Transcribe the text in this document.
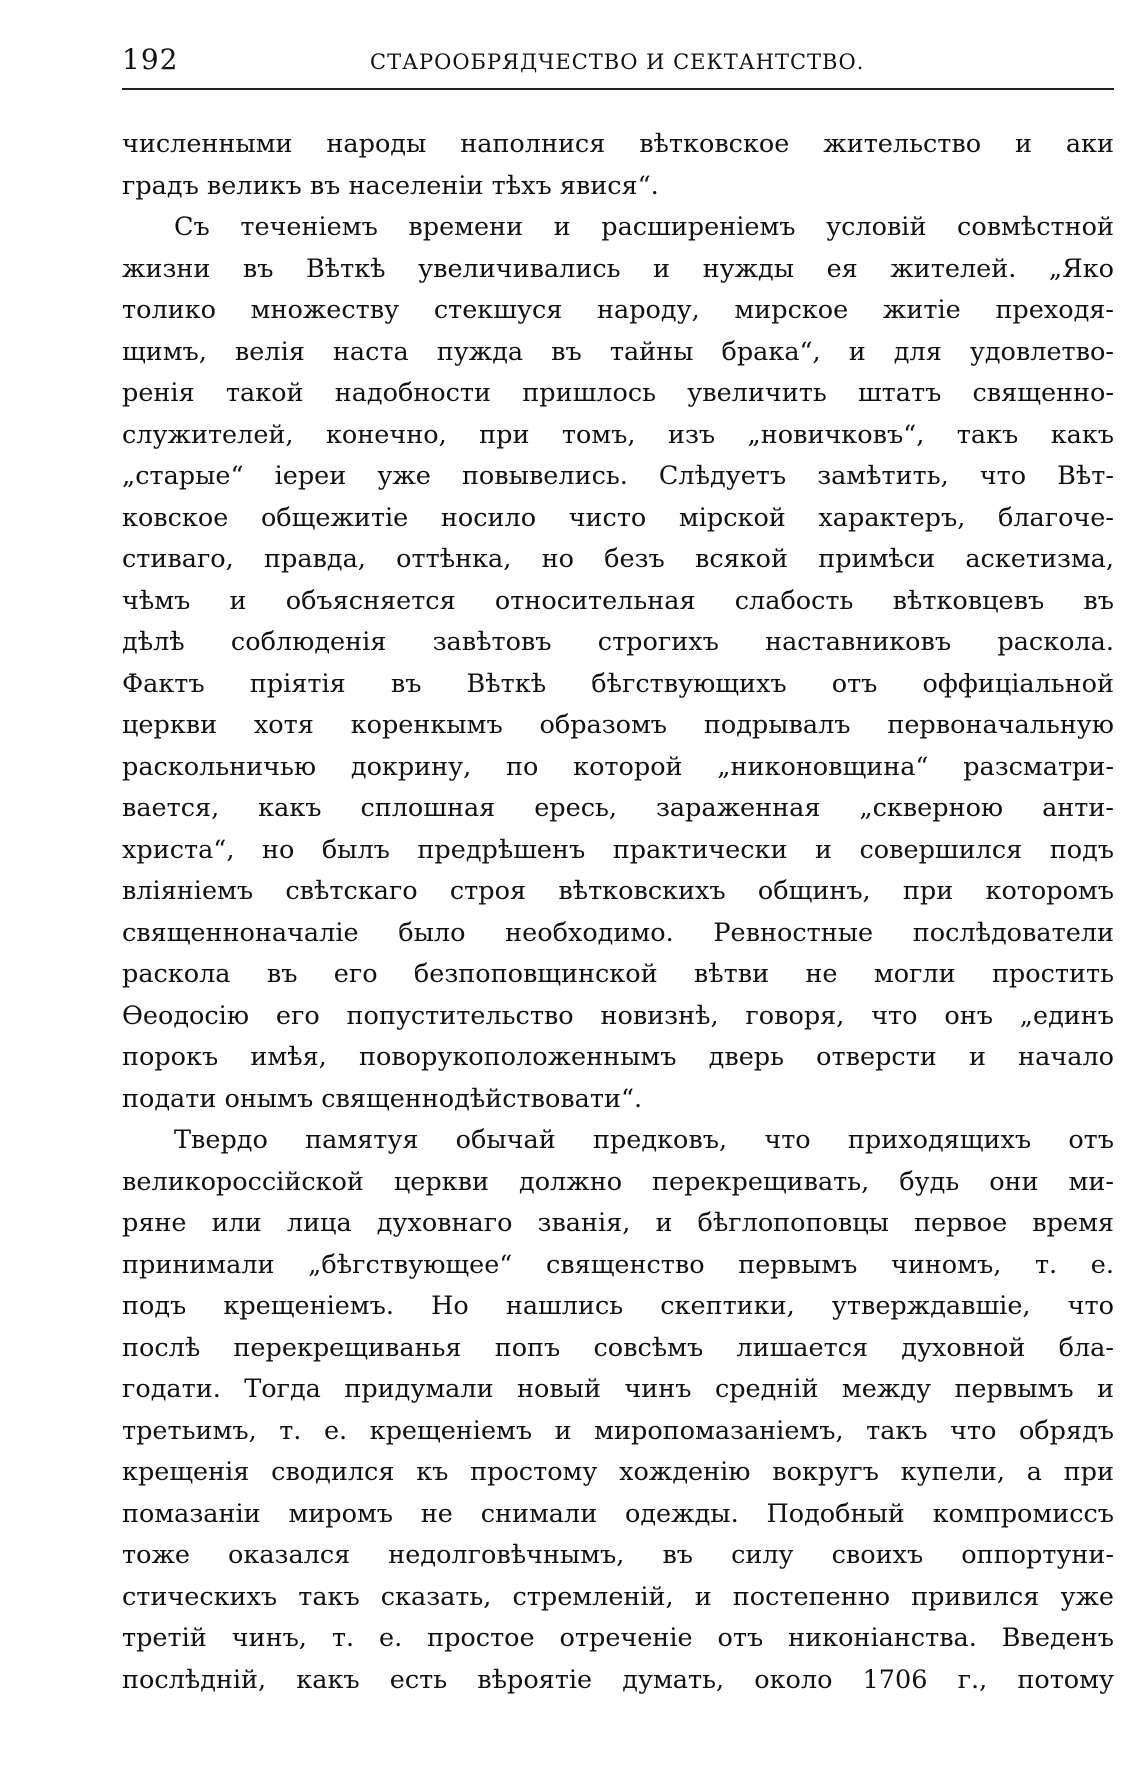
192	СТАРООБРЯДЧЕСТВО И СЕКТАНТСТВО.
численными народы наполнися вѣтковское жительство и аки
градъ великъ въ населеніи тѣхъ явися“.
Съ теченіемъ времени и расширеніемъ условій совмѣстной
жизни въ Вѣткѣ увеличивались и нужды ея жителей. „Яко
толико множеству стекшуся народу, мирское житіе преходя-
щимъ, велія наста пужда въ тайны брака“, и для удовлетво-
ренія такой надобности пришлось увеличить штатъ священно-
служителей, конечно, при томъ, изъ „новичковъ“, такъ какъ
„старые“ іереи уже повывелись. Слѣдуетъ замѣтить, что Вѣт-
ковское общежитіе носило чисто мірской характеръ, благоче-
стиваго, правда, оттѣнка, но безъ всякой примѣси аскетизма,
чѣмъ и объясняется относительная слабость вѣтковцевъ въ
дѣлѣ соблюденія завѣтовъ строгихъ наставниковъ раскола.
Фактъ пріятія въ Вѣткѣ бѣгствующихъ отъ оффиціальной
церкви хотя коренкымъ образомъ подрывалъ первоначальную
раскольничью докрину, по которой „никоновщина“ разсматри-
вается, какъ сплошная ересь, зараженная „скверною анти-
христа“, но былъ предрѣшенъ практически и совершился подъ
вліяніемъ свѣтскаго строя вѣтковскихъ общинъ, при которомъ
священноначаліе было необходимо. Ревностные послѣдователи
раскола въ его безпоповщинской вѣтви не могли простить
Ѳеодосію его попустительство новизнѣ, говоря, что онъ „единъ
порокъ имѣя, поворукоположеннымъ дверь отверсти и начало
подати онымъ священнодѣйствовати“.
Твердо памятуя обычай предковъ, что приходящихъ отъ
великороссійской церкви должно перекрещивать, будь они ми-
ряне или лица духовнаго званія, и бѣглопоповцы первое время
принимали „бѣгствующее“ священство первымъ чиномъ, т. е.
подъ крещеніемъ. Но нашлись скептики, утверждавшіе, что
послѣ перекрещиванья попъ совсѣмъ лишается духовной бла-
годати. Тогда придумали новый чинъ средній между первымъ и
третьимъ, т. е. крещеніемъ и миропомазаніемъ, такъ что обрядъ
крещенія сводился къ простому хожденію вокругъ купели, а при
помазаніи миромъ не снимали одежды. Подобный компромиссъ
тоже оказался недолговѣчнымъ, въ силу своихъ оппортуни-
стическихъ такъ сказать, стремленій, и постепенно привился уже
третій чинъ, т. е. простое отреченіе отъ никоніанства. Введенъ
послѣдній, какъ есть вѣроятіе думать, около 1706 г., потому
